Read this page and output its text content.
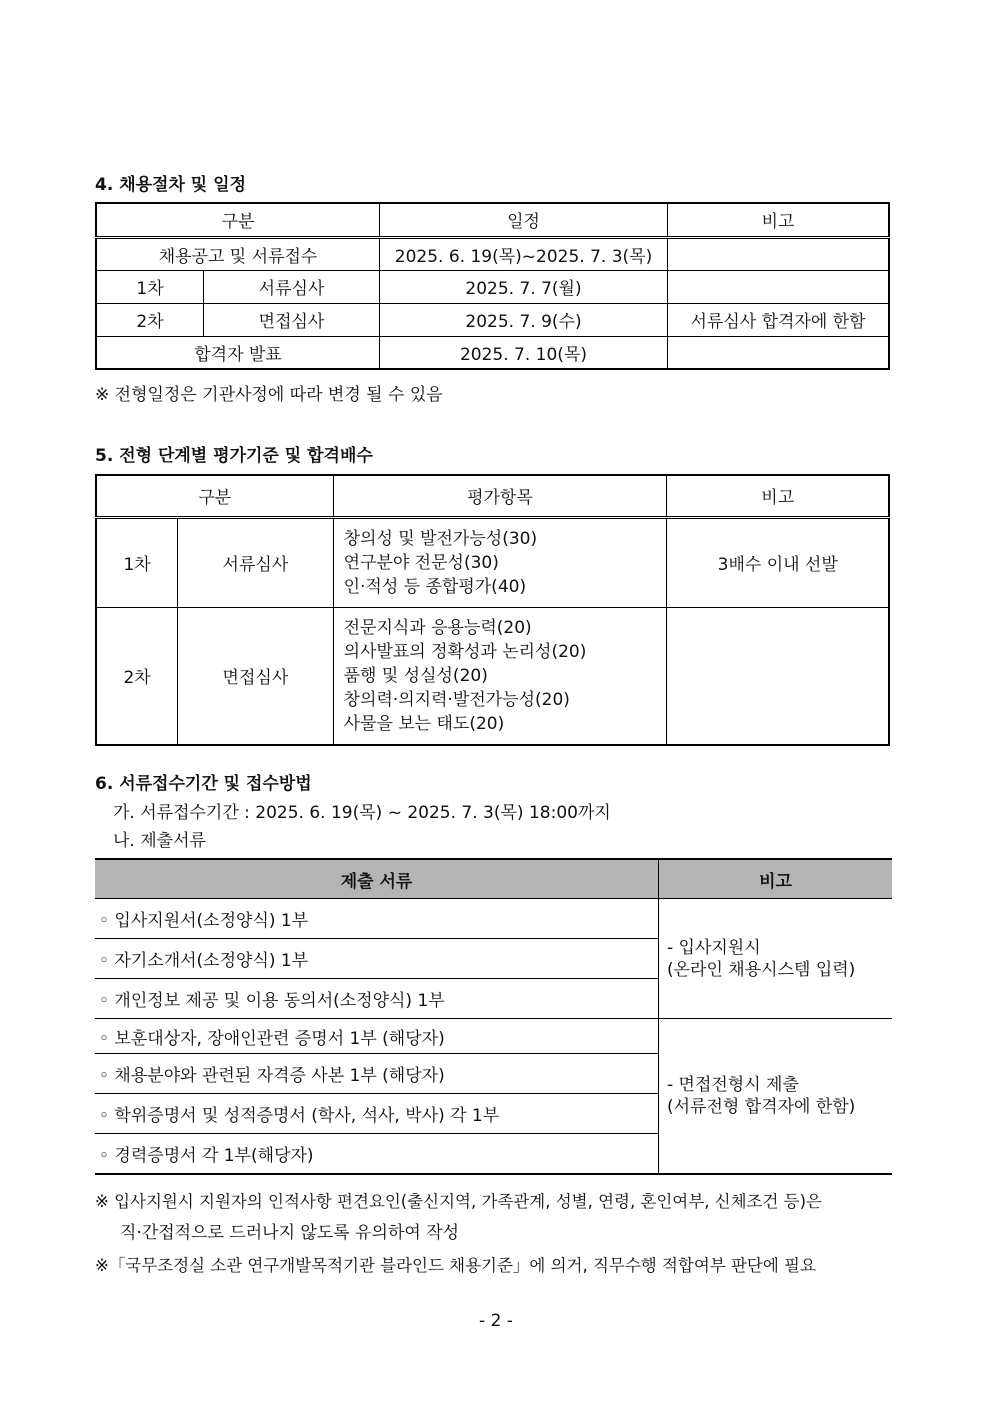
4. 채용절차 및 일정
구분		일정	비고
채용공고 및 서류접수		2025. 6. 19(목)~2025. 7. 3(목)	
1차	서류심사	2025. 7. 7(월)	
2차	면접심사	2025. 7. 9(수)	서류심사 합격자에 한함
합격자 발표		2025. 7. 10(목)	
※ 전형일정은 기관사정에 따라 변경 될 수 있음
5. 전형 단계별 평가기준 및 합격배수
구분		평가항목	비고
1차	서류심사	창의성 및 발전가능성(30)
연구분야 전문성(30)
인·적성 등 종합평가(40)	3배수 이내 선발
2차	면접심사	전문지식과 응용능력(20)
의사발표의 정확성과 논리성(20)
품행 및 성실성(20)
창의력·의지력·발전가능성(20)
사물을 보는 태도(20)	

6. 서류접수기간 및 접수방법
가. 서류접수기간 : 2025. 6. 19(목) ~ 2025. 7. 3(목) 18:00까지
나. 제출서류
제출 서류	비고
◦ 입사지원서(소정양식) 1부	- 입사지원시
(온라인 채용시스템 입력)

◦ 자기소개서(소정양식) 1부	
◦ 개인정보 제공 및 이용 동의서(소정양식) 1부	
◦ 보훈대상자, 장애인관련 증명서 1부 (해당자)	- 면접전형시 제출
(서류전형 합격자에 한함)

◦ 채용분야와 관련된 자격증 사본 1부 (해당자)	
◦ 학위증명서 및 성적증명서 (학사, 석사, 박사) 각 1부	
◦ 경력증명서 각 1부(해당자)	
※ 입사지원시 지원자의 인적사항 편견요인(출신지역, 가족관계, 성별, 연령, 혼인여부, 신체조건 등)은
직·간접적으로 드러나지 않도록 유의하여 작성
※「국무조정실 소관 연구개발목적기관 블라인드 채용기준」에 의거, 직무수행 적합여부 판단에 필요
- 2 -
